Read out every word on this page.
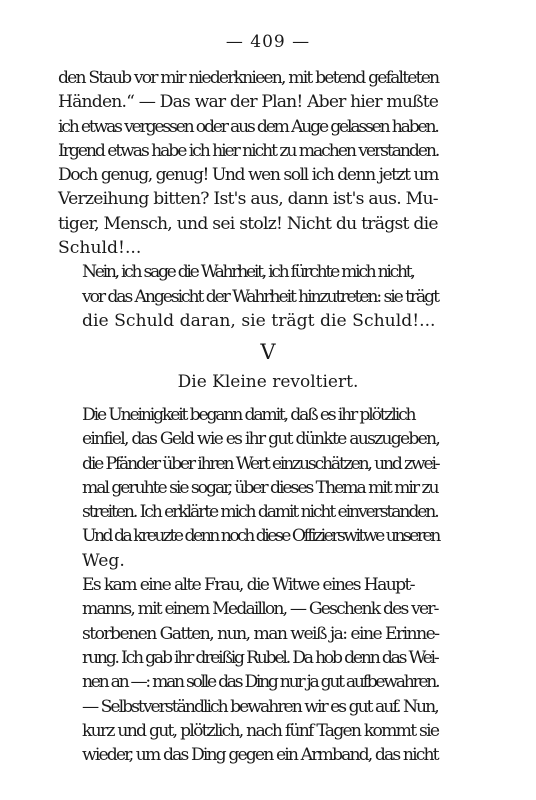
— 409 —
den Staub vor mir niederknieen, mit betend gefalteten
Händen.“ — Das war der Plan! Aber hier mußte
ich etwas vergessen oder aus dem Auge gelassen haben.
Irgend etwas habe ich hier nicht zu machen verstanden.
Doch genug, genug! Und wen soll ich denn jetzt um
Verzeihung bitten? Ist's aus, dann ist's aus. Mu-
tiger, Mensch, und sei stolz! Nicht du trägst die
Schuld!...
Nein, ich sage die Wahrheit, ich fürchte mich nicht,
vor das Angesicht der Wahrheit hinzutreten: sie trägt
die Schuld daran, sie trägt die Schuld!...
V
Die Kleine revoltiert.
Die Uneinigkeit begann damit, daß es ihr plötzlich
einfiel, das Geld wie es ihr gut dünkte auszugeben,
die Pfänder über ihren Wert einzuschätzen, und zwei-
mal geruhte sie sogar, über dieses Thema mit mir zu
streiten. Ich erklärte mich damit nicht einverstanden.
Und da kreuzte denn noch diese Offizierswitwe unseren
Weg.
Es kam eine alte Frau, die Witwe eines Haupt-
manns, mit einem Medaillon, — Geschenk des ver-
storbenen Gatten, nun, man weiß ja: eine Erinne-
rung. Ich gab ihr dreißig Rubel. Da hob denn das Wei-
nen an —: man solle das Ding nur ja gut aufbewahren.
— Selbstverständlich bewahren wir es gut auf. Nun,
kurz und gut, plötzlich, nach fünf Tagen kommt sie
wieder, um das Ding gegen ein Armband, das nicht
